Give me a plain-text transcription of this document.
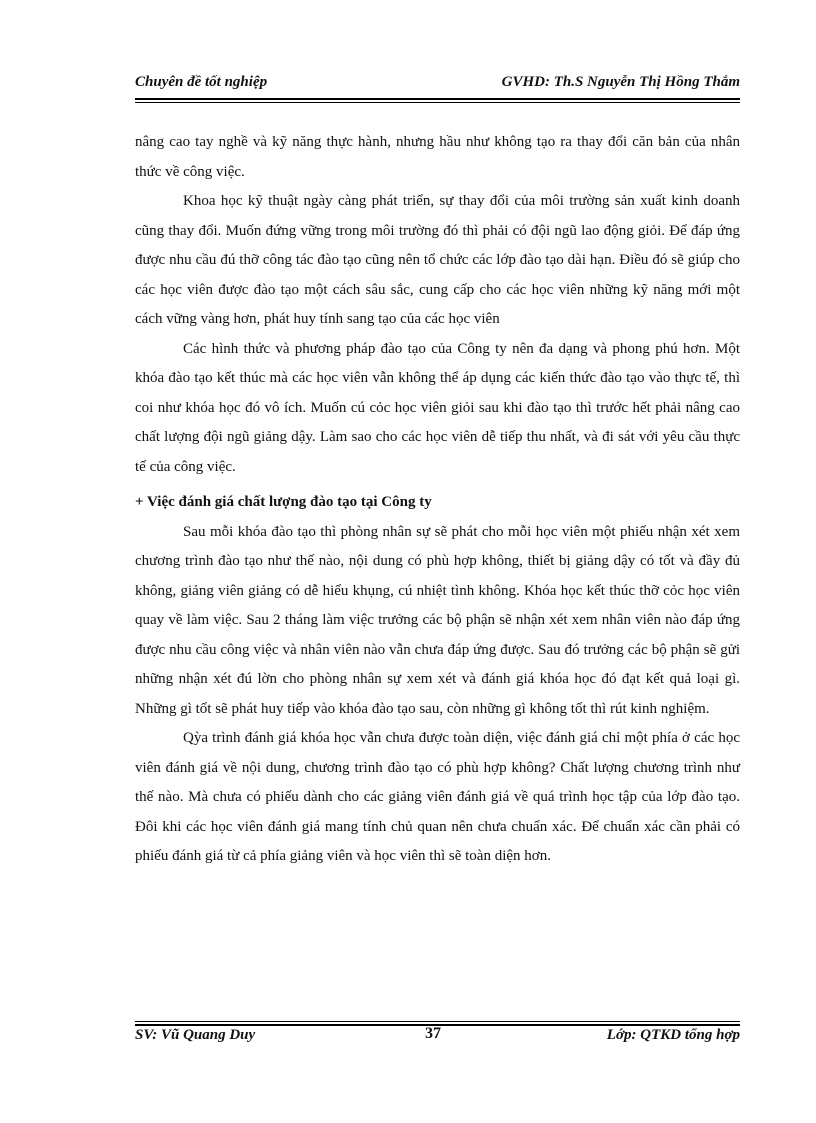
Chuyên đề tốt nghiệp	GVHD: Th.S Nguyễn Thị Hồng Thắm

nâng cao tay nghề và kỹ năng thực hành, nhưng hầu như không tạo ra thay đổi căn bản của nhân thức về công việc.

Khoa học kỹ thuật ngày càng phát triển, sự thay đổi của môi trường sản xuất kinh doanh cũng thay đổi. Muốn đứng vững trong môi trường đó thì phải có đội ngũ lao động giỏi. Để đáp ứng được nhu cầu đú thỡ công tác đào tạo cũng nên tổ chức các lớp đào tạo dài hạn. Điều đó sẽ giúp cho các học viên được đào tạo một cách sâu sắc, cung cấp cho các học viên những kỹ năng mới một cách vững vàng hơn, phát huy tính sang tạo của các học viên

Các hình thức và phương pháp đào tạo của Công ty nên đa dạng và phong phú hơn. Một khóa đào tạo kết thúc mà các học viên vẫn không thể áp dụng các kiến thức đào tạo vào thực tế, thì coi như khóa học đó vô ích. Muốn cú cỏc học viên giỏi sau khi đào tạo thì trước hết phải nâng cao chất lượng đội ngũ giảng dậy. Làm sao cho các học viên dễ tiếp thu nhất, và đi sát với yêu cầu thực tế của công việc.

+ Việc đánh giá chất lượng đào tạo tại Công ty

Sau mỗi khóa đào tạo thì phòng nhân sự sẽ phát cho mỗi học viên một phiếu nhận xét xem chương trình đào tạo như thế nào, nội dung có phù hợp không, thiết bị giảng dậy có tốt và đầy đủ không, giảng viên giảng có dễ hiểu khụng, cú nhiệt tình không. Khóa học kết thúc thỡ cỏc học viên quay về làm việc. Sau 2 tháng làm việc trưởng các bộ phận sẽ nhận xét xem nhân viên nào đáp ứng được nhu cầu công việc và nhân viên nào vẫn chưa đáp ứng được. Sau đó trưởng các bộ phận sẽ gửi những nhận xét đú lờn cho phòng nhân sự xem xét và đánh giá khóa học đó đạt kết quả loại gì. Những gì tốt sẽ phát huy tiếp vào khóa đào tạo sau, còn những gì không tốt thì rút kinh nghiệm.

Qỳa trình đánh giá khóa học vẫn chưa được toàn diện, việc đánh giá chỉ một phía ở các học viên đánh giá về nội dung, chương trình đào tạo có phù hợp không? Chất lượng chương trình như thế nào. Mà chưa có phiếu dành cho các giảng viên đánh giá về quá trình học tập của lớp đào tạo. Đôi khi các học viên đánh giá mang tính chủ quan nên chưa chuẩn xác. Để chuẩn xác cần phải có phiếu đánh giá từ cả phía giảng viên và học viên thì sẽ toàn diện hơn.

SV: Vũ Quang Duy	37	Lớp: QTKD tổng hợp
